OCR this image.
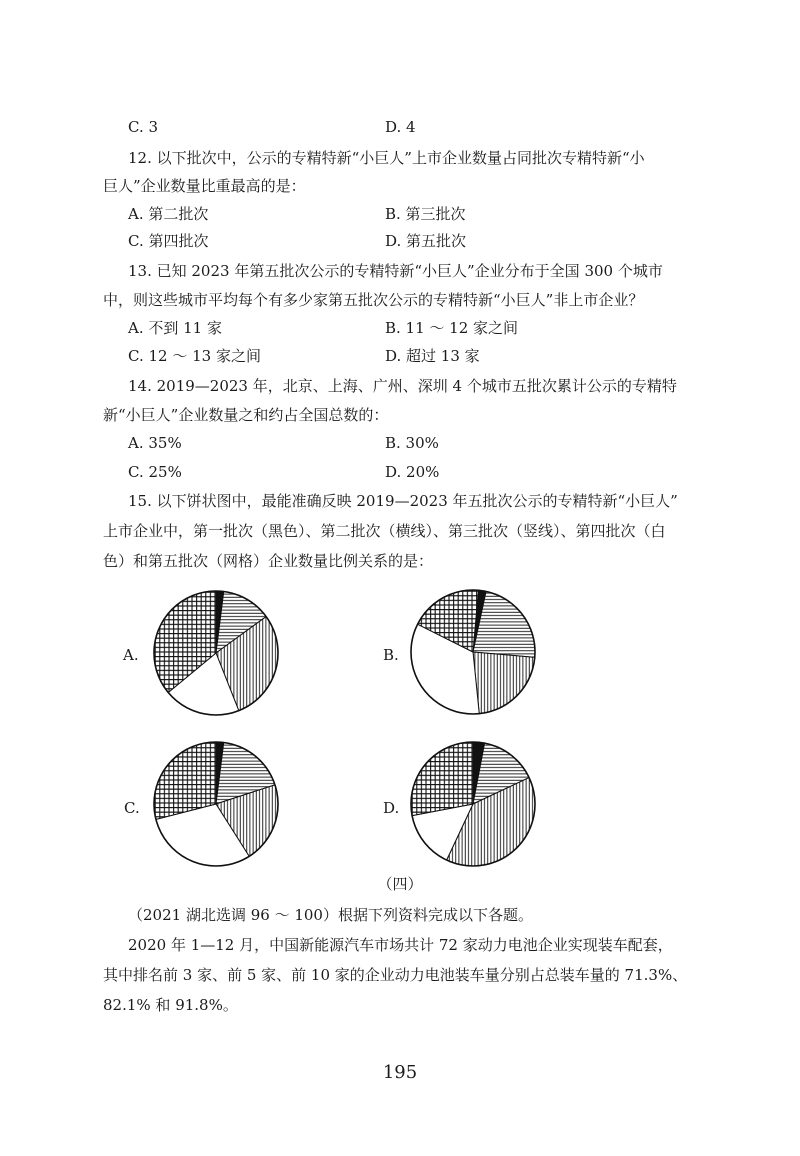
C. 3	D. 4
12. 以下批次中，公示的专精特新“小巨人”上市企业数量占同批次专精特新“小
巨人”企业数量比重最高的是：
A. 第二批次	B. 第三批次
C. 第四批次	D. 第五批次
13. 已知 2023 年第五批次公示的专精特新“小巨人”企业分布于全国 300 个城市
中，则这些城市平均每个有多少家第五批次公示的专精特新“小巨人”非上市企业？
A. 不到 11 家	B. 11 ～ 12 家之间
C. 12 ～ 13 家之间	D. 超过 13 家
14. 2019—2023 年，北京、上海、广州、深圳 4 个城市五批次累计公示的专精特
新“小巨人”企业数量之和约占全国总数的：
A. 35%	B. 30%
C. 25%	D. 20%
15. 以下饼状图中，最能准确反映 2019—2023 年五批次公示的专精特新“小巨人”
上市企业中，第一批次（黑色）、第二批次（横线）、第三批次（竖线）、第四批次（白
色）和第五批次（网格）企业数量比例关系的是：
A.	B.
C.	D.
（四）
（2021 湖北选调 96 ～ 100）根据下列资料完成以下各题。
2020 年 1—12 月，中国新能源汽车市场共计 72 家动力电池企业实现装车配套，
其中排名前 3 家、前 5 家、前 10 家的企业动力电池装车量分别占总装车量的 71.3%、
82.1% 和 91.8%。
195
